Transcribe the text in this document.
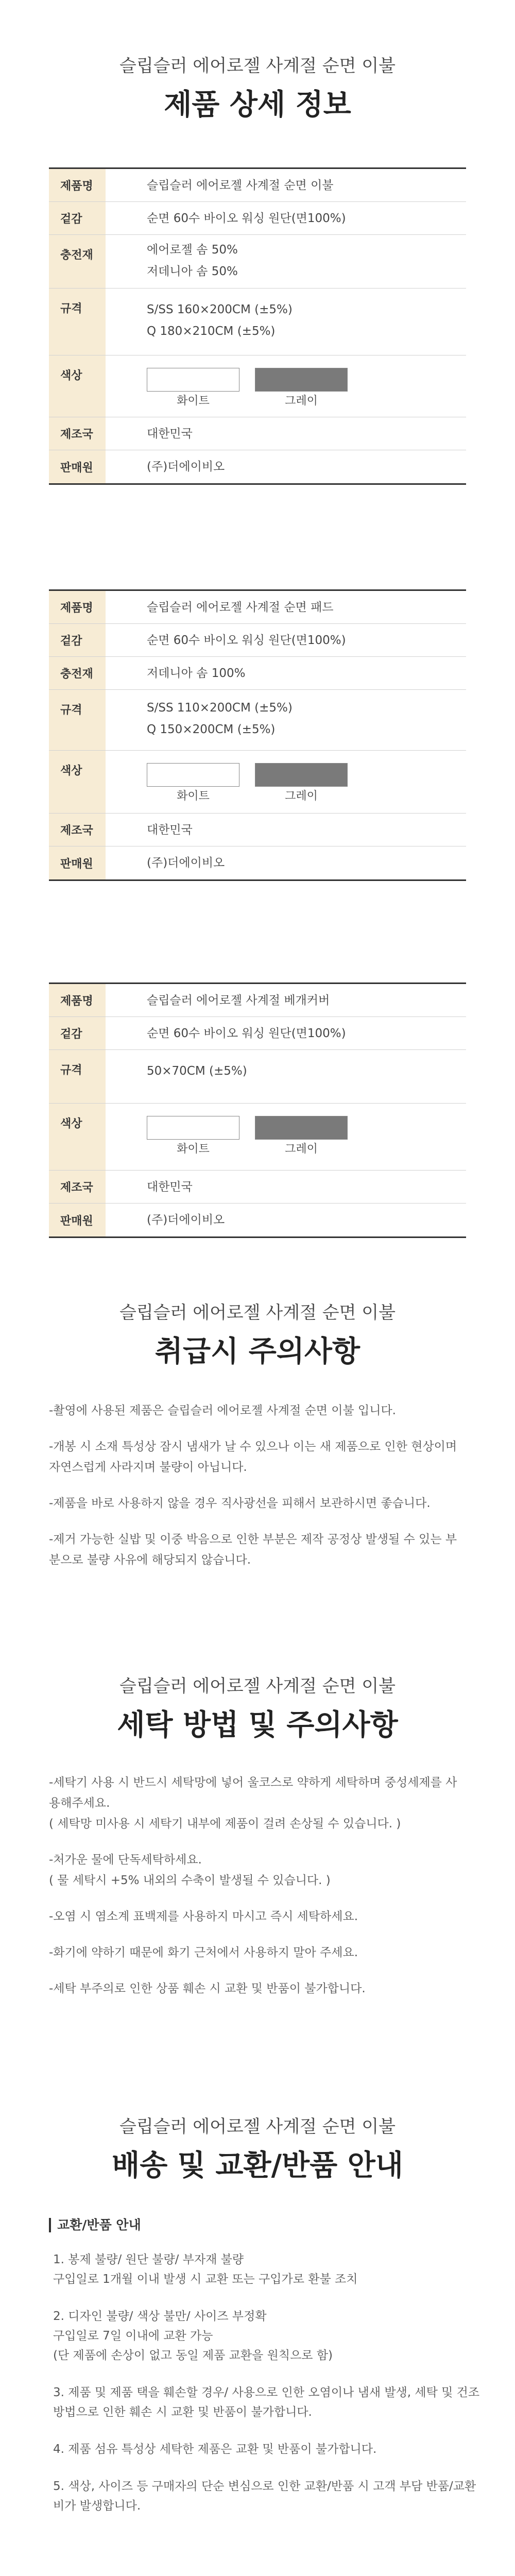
슬립슬러 에어로젤 사계절 순면 이불
제품 상세 정보
제품명	슬립슬러 에어로젤 사계절 순면 이불
겉감	순면 60수 바이오 워싱 원단(면100%)
충전재	에어로젤 솜 50%
저데니아 솜 50%
규격	S/SS 160×200CM (±5%)
Q 180×210CM (±5%)
색상
화이트	그레이
제조국	대한민국
판매원	(주)더에이비오
제품명	슬립슬러 에어로젤 사계절 순면 패드
겉감	순면 60수 바이오 워싱 원단(면100%)
충전재	저데니아 솜 100%
규격	S/SS 110×200CM (±5%)
Q 150×200CM (±5%)
색상
화이트	그레이
제조국	대한민국
판매원	(주)더에이비오
제품명	슬립슬러 에어로젤 사계절 베개커버
겉감	순면 60수 바이오 워싱 원단(면100%)
규격	50×70CM (±5%)
색상
화이트	그레이
제조국	대한민국
판매원	(주)더에이비오
슬립슬러 에어로젤 사계절 순면 이불
취급시 주의사항

-촬영에 사용된 제품은 슬립슬러 에어로젤 사계절 순면 이불 입니다.

-개봉 시 소재 특성상 잠시 냄새가 날 수 있으나 이는 새 제품으로 인한 현상이며 자연스럽게 사라지며 불량이 아닙니다.

-제품을 바로 사용하지 않을 경우 직사광선을 피해서 보관하시면 좋습니다.

-제거 가능한 실밥 및 이중 박음으로 인한 부분은 제작 공정상 발생될 수 있는 부분으로 불량 사유에 해당되지 않습니다.

슬립슬러 에어로젤 사계절 순면 이불
세탁 방법 및 주의사항

-세탁기 사용 시 반드시 세탁망에 넣어 울코스로 약하게 세탁하며 중성세제를 사용해주세요.
( 세탁망 미사용 시 세탁기 내부에 제품이 걸려 손상될 수 있습니다. )

-처가운 물에 단독세탁하세요.
( 물 세탁시 +5% 내외의 수축이 발생될 수 있습니다. )

-오염 시 염소계 표백제를 사용하지 마시고 즉시 세탁하세요.

-화기에 약하기 때문에 화기 근처에서 사용하지 말아 주세요.

-세탁 부주의로 인한 상품 훼손 시 교환 및 반품이 불가합니다.

슬립슬러 에어로젤 사계절 순면 이불
배송 및 교환/반품 안내
교환/반품 안내
1. 봉제 불량/ 원단 불량/ 부자재 불량
구입일로 1개월 이내 발생 시 교환 또는 구입가로 환불 조치
2. 디자인 불량/ 색상 불만/ 사이즈 부정확
구입일로 7일 이내에 교환 가능
(단 제품에 손상이 없고 동일 제품 교환을 원칙으로 함)
3. 제품 및 제품 택을 훼손할 경우/ 사용으로 인한 오염이나 냄새 발생, 세탁 및 건조 방법으로 인한 훼손 시 교환 및 반품이 불가합니다.
4. 제품 섬유 특성상 세탁한 제품은 교환 및 반품이 불가합니다.
5. 색상, 사이즈 등 구매자의 단순 변심으로 인한 교환/반품 시 고객 부담 반품/교환비가 발생합니다.
